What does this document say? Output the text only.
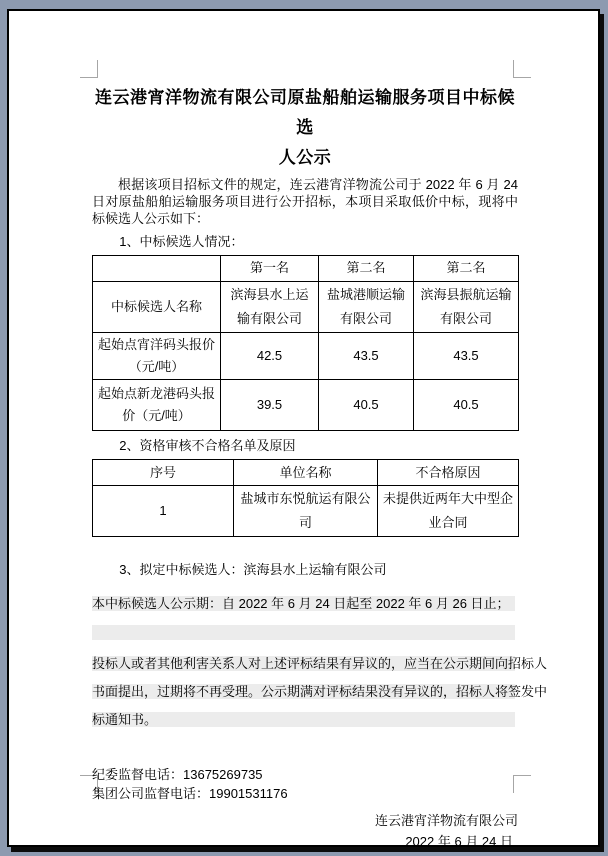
连云港宵洋物流有限公司原盐船舶运输服务项目中标候选
人公示

根据该项目招标文件的规定，连云港宵洋物流公司于 2022 年 6 月 24 日对原盐船舶运输服务项目进行公开招标，本项目采取低价中标，现将中标候选人公示如下：

1、中标候选人情况：

	第一名	第二名	第二名
中标候选人名称	滨海县水上运输有限公司	盐城港顺运输有限公司	滨海县振航运输有限公司
起始点宵洋码头报价（元/吨）	42.5	43.5	43.5
起始点新龙港码头报价（元/吨）	39.5	40.5	40.5

2、资格审核不合格名单及原因

序号	单位名称	不合格原因
1	盐城市东悦航运有限公司	未提供近两年大中型企业合同

3、拟定中标候选人：滨海县水上运输有限公司

本中标候选人公示期：自 2022 年 6 月 24 日起至 2022 年 6 月 26 日止；
投标人或者其他利害关系人对上述评标结果有异议的，应当在公示期间向招标人
书面提出，过期将不再受理。公示期满对评标结果没有异议的，招标人将签发中
标通知书。
纪委监督电话：13675269735
集团公司监督电话：19901531176
连云港宵洋物流有限公司
2022 年 6 月 24 日
